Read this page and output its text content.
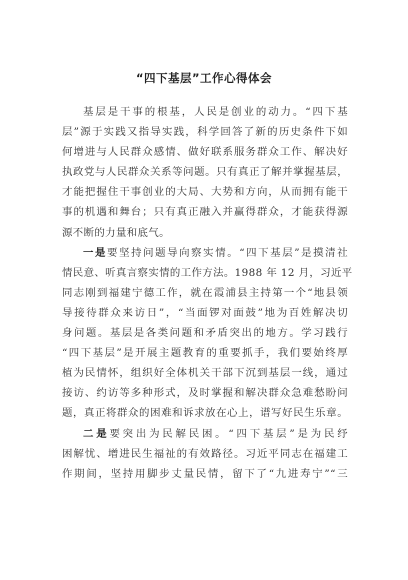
“四下基层”工作心得体会
基层是干事的根基，人民是创业的动力。“四下基
层”源于实践又指导实践，科学回答了新的历史条件下如
何增进与人民群众感情、做好联系服务群众工作、解决好
执政党与人民群众关系等问题。只有真正了解并掌握基层，
才能把握住干事创业的大局、大势和方向，从而拥有能干
事的机遇和舞台；只有真正融入并赢得群众，才能获得源
源不断的力量和底气。
一是要坚持问题导向察实情。“四下基层”是摸清社
情民意、听真言察实情的工作方法。1988 年 12 月，习近平
同志刚到福建宁德工作，就在霞浦县主持第一个“地县领
导接待群众来访日”，“当面锣对面鼓”地为百姓解决切
身问题。基层是各类问题和矛盾突出的地方。学习践行
“四下基层”是开展主题教育的重要抓手，我们要始终厚
植为民情怀，组织好全体机关干部下沉到基层一线，通过
接访、约访等多种形式，及时掌握和解决群众急难愁盼问
题，真正将群众的困难和诉求放在心上，谱写好民生乐章。
二是要突出为民解民困。“四下基层”是为民纾
困解忧、增进民生福祉的有效路径。习近平同志在福建工
作期间，坚持用脚步丈量民情，留下了“九进寿宁”“三
